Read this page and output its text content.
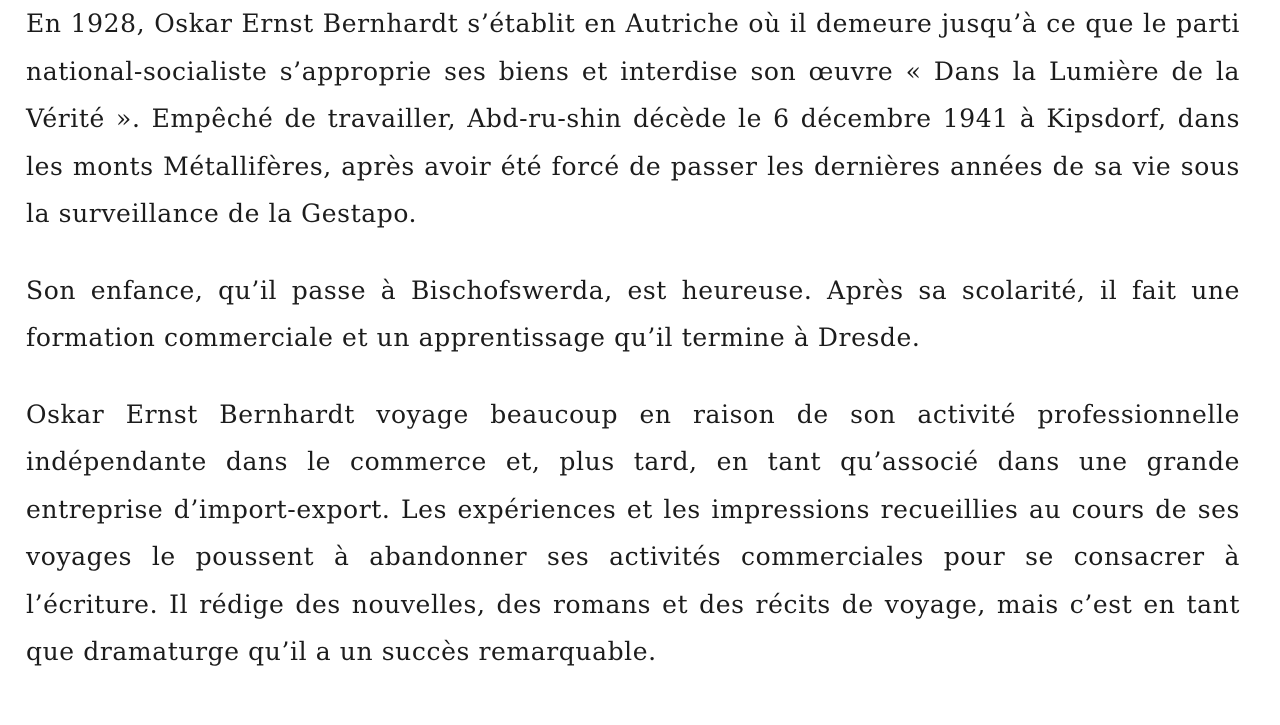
En 1928, Oskar Ernst Bernhardt s’établit en Autriche où il demeure jusqu’à ce que le parti national-socialiste s’approprie ses biens et interdise son œuvre « Dans la Lumière de la Vérité ». Empêché de travailler, Abd-ru-shin décède le 6 décembre 1941 à Kipsdorf, dans les monts Métallifères, après avoir été forcé de passer les dernières années de sa vie sous la surveillance de la Gestapo.

Son enfance, qu’il passe à Bischofswerda, est heureuse. Après sa scolarité, il fait une formation commerciale et un apprentissage qu’il termine à Dresde.

Oskar Ernst Bernhardt voyage beaucoup en raison de son activité professionnelle indépendante dans le commerce et, plus tard, en tant qu’associé dans une grande entreprise d’import-export. Les expériences et les impressions recueillies au cours de ses voyages le poussent à abandonner ses activités commerciales pour se consacrer à l’écriture. Il rédige des nouvelles, des romans et des récits de voyage, mais c’est en tant que dramaturge qu’il a un succès remarquable.
